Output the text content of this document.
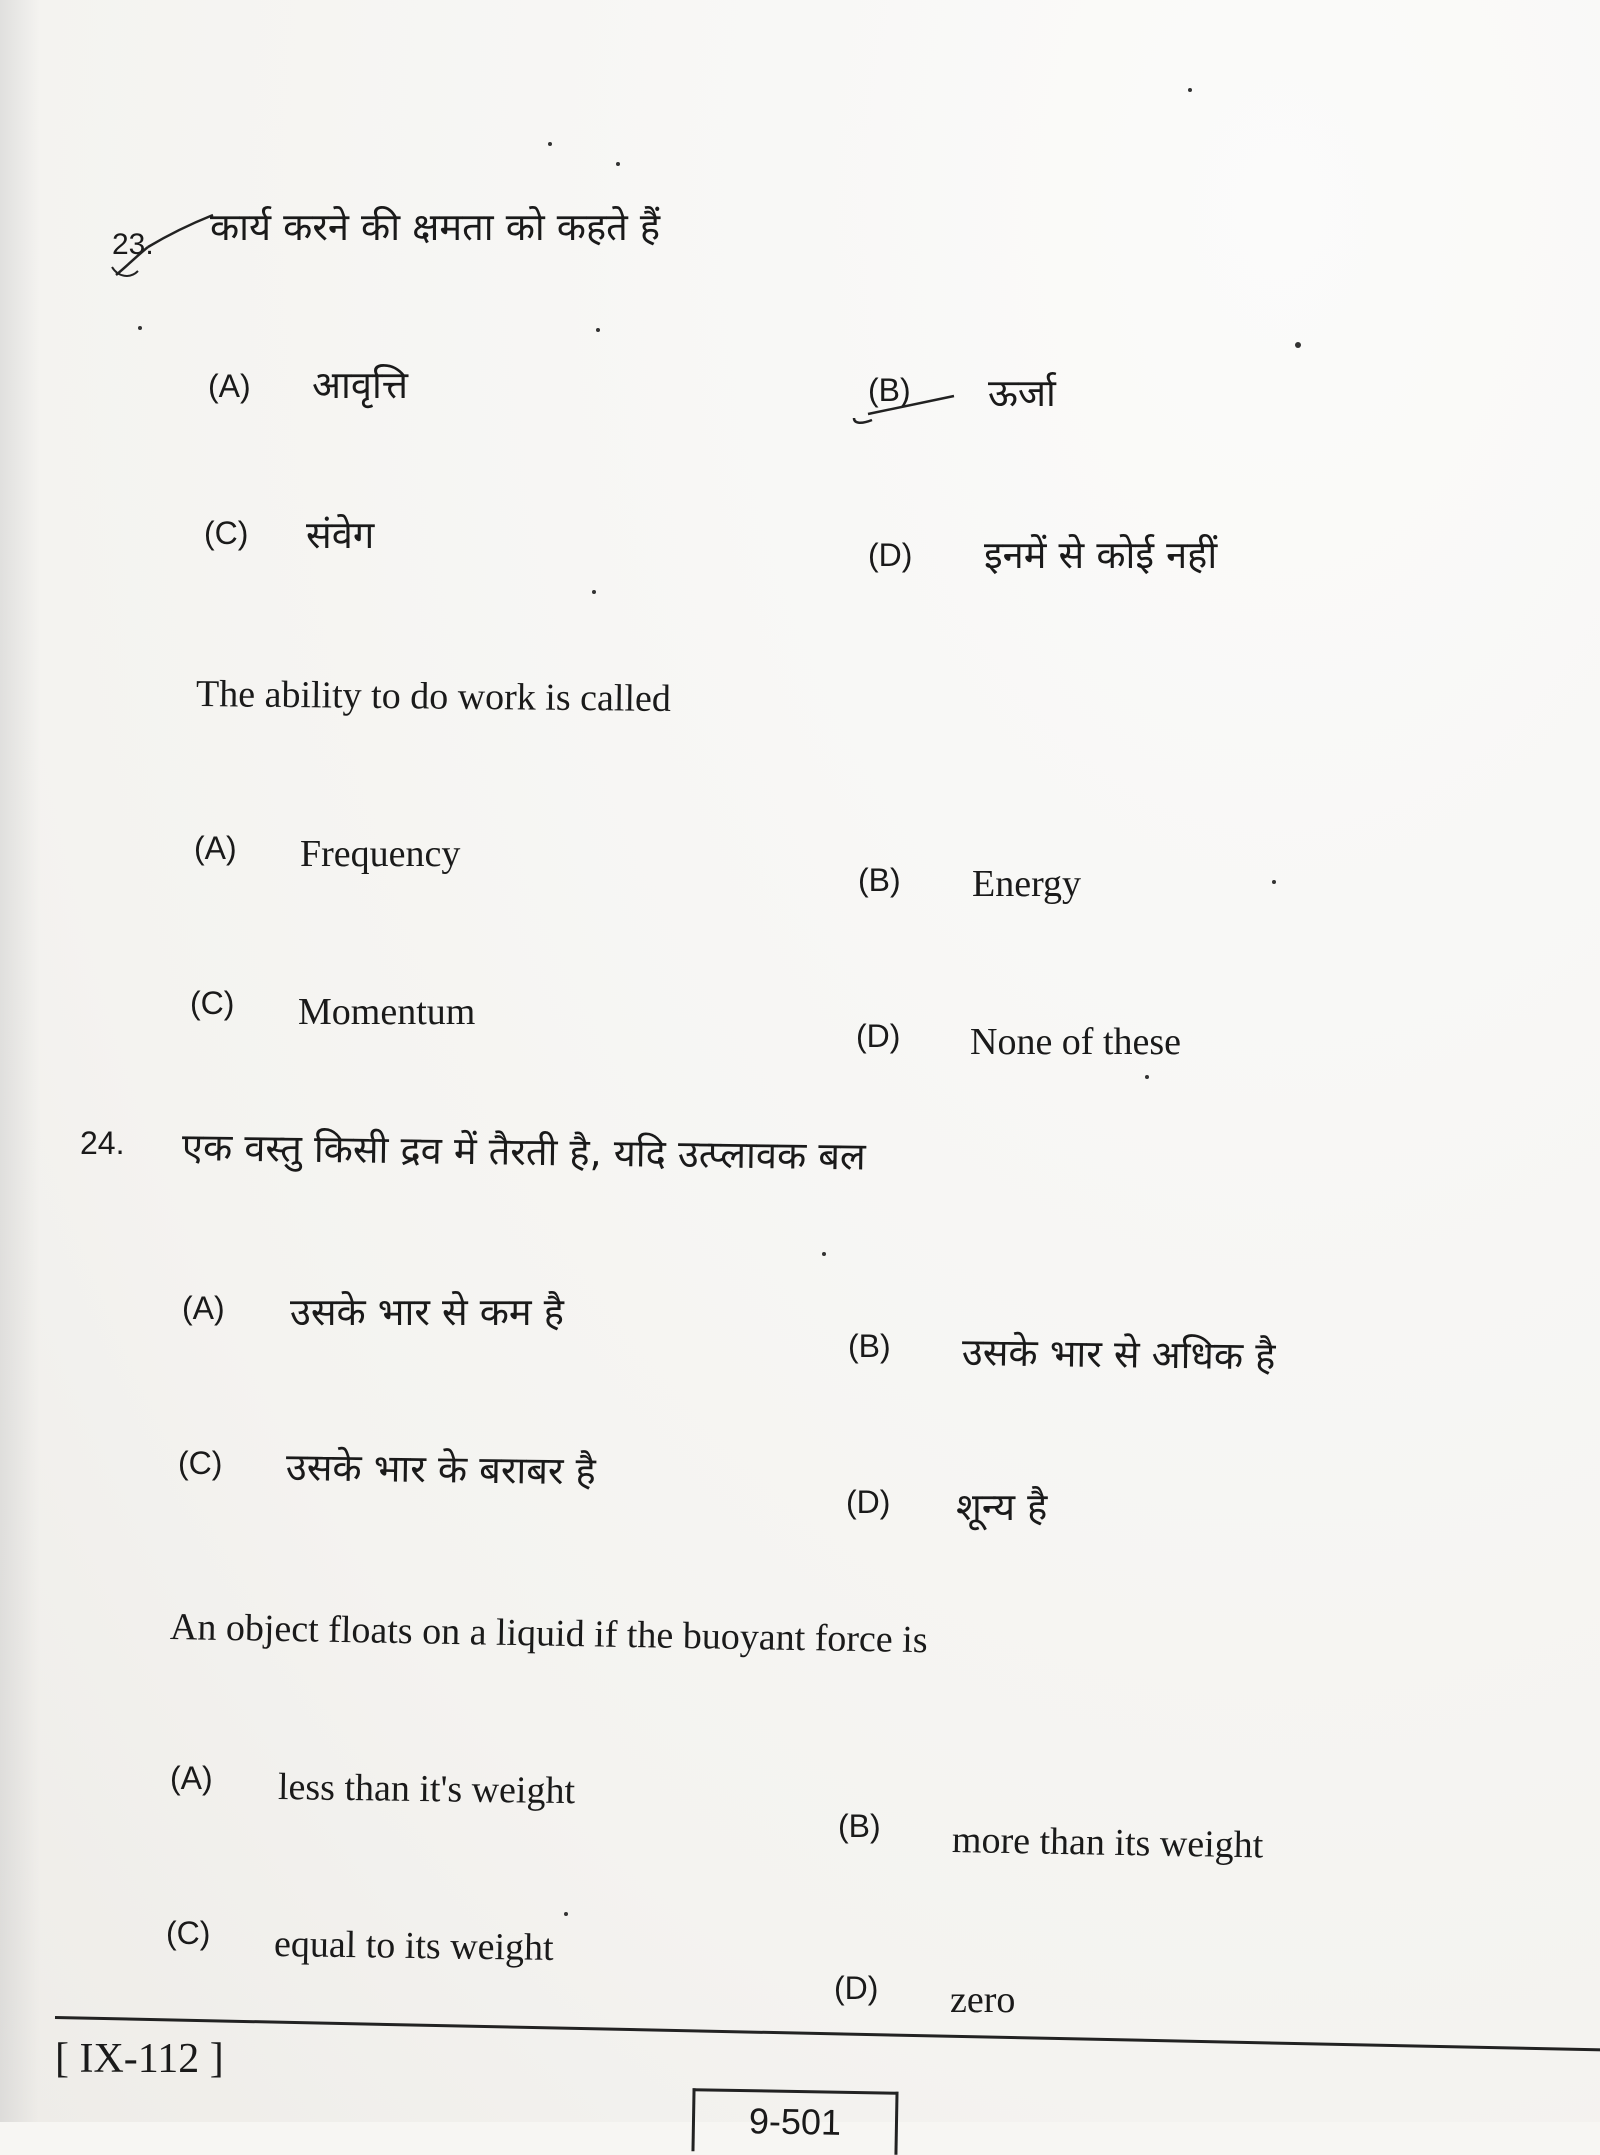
23. कार्य करने की क्षमता को कहते हैं
(A) आवृत्ति	(B) ऊर्जा
(C) संवेग	(D) इनमें से कोई नहीं
The ability to do work is called
(A) Frequency
(B) Energy
(C) Momentum
(D) None of these
24. एक वस्तु किसी द्रव में तैरती है, यदि उत्प्लावक बल
(A) उसके भार से कम है
(B) उसके भार से अधिक है
(C) उसके भार के बराबर है
(D) शून्य है
An object floats on a liquid if the buoyant force is
(A) less than it's weight
(B) more than its weight
(C) equal to its weight
(D) zero
[ IX-112 ]
9-501
